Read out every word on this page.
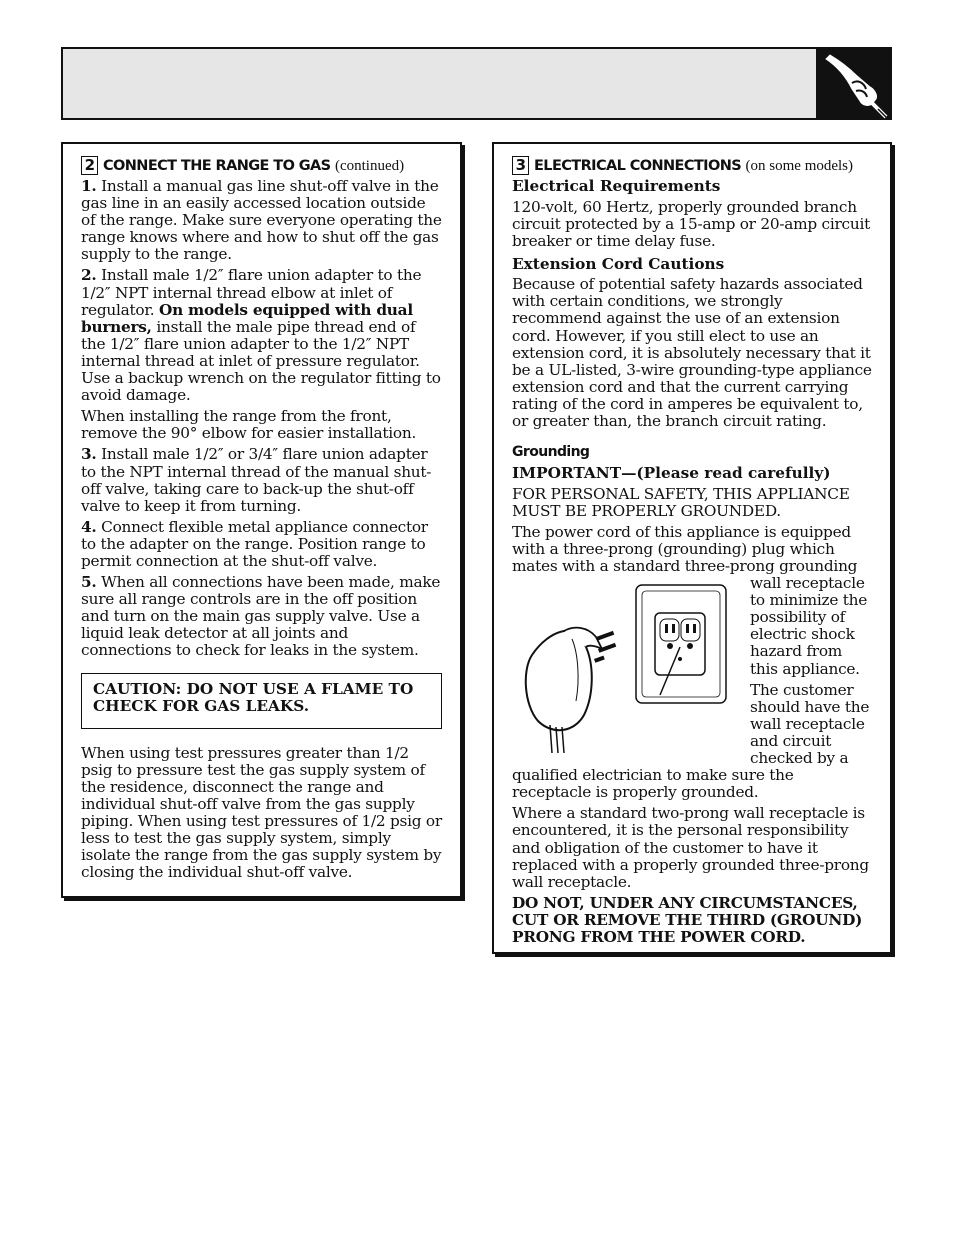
2 CONNECT THE RANGE TO GAS (continued)

1. Install a manual gas line shut-off valve in the gas line in an easily accessed location outside of the range. Make sure everyone operating the range knows where and how to shut off the gas supply to the range.

2. Install male 1/2″ flare union adapter to the 1/2″ NPT internal thread elbow at inlet of regulator. On models equipped with dual burners, install the male pipe thread end of the 1/2″ flare union adapter to the 1/2″ NPT internal thread at inlet of pressure regulator. Use a backup wrench on the regulator fitting to avoid damage.

When installing the range from the front, remove the 90° elbow for easier installation.

3. Install male 1/2″ or 3/4″ flare union adapter to the NPT internal thread of the manual shut-off valve, taking care to back-up the shut-off valve to keep it from turning.

4. Connect flexible metal appliance connector to the adapter on the range. Position range to permit connection at the shut-off valve.

5. When all connections have been made, make sure all range controls are in the off position and turn on the main gas supply valve. Use a liquid leak detector at all joints and connections to check for leaks in the system.

CAUTION: DO NOT USE A FLAME TO CHECK FOR GAS LEAKS.

When using test pressures greater than 1/2 psig to pressure test the gas supply system of the residence, disconnect the range and individual shut-off valve from the gas supply piping. When using test pressures of 1/2 psig or less to test the gas supply system, simply isolate the range from the gas supply system by closing the individual shut-off valve.

3 ELECTRICAL CONNECTIONS (on some models)
Electrical Requirements

120-volt, 60 Hertz, properly grounded branch circuit protected by a 15-amp or 20-amp circuit breaker or time delay fuse.

Extension Cord Cautions

Because of potential safety hazards associated with certain conditions, we strongly recommend against the use of an extension cord. However, if you still elect to use an extension cord, it is absolutely necessary that it be a UL-listed, 3-wire grounding-type appliance extension cord and that the current carrying rating of the cord in amperes be equivalent to, or greater than, the branch circuit rating.

Grounding
IMPORTANT—(Please read carefully)

FOR PERSONAL SAFETY, THIS APPLIANCE MUST BE PROPERLY GROUNDED.

The power cord of this appliance is equipped with a three-prong (grounding) plug which mates with a standard three-prong grounding

wall receptacle to minimize the possibility of electric shock hazard from this appliance.

The customer should have the wall receptacle and circuit checked by a

qualified electrician to make sure the receptacle is properly grounded.

Where a standard two-prong wall receptacle is encountered, it is the personal responsibility and obligation of the customer to have it replaced with a properly grounded three-prong wall receptacle.

DO NOT, UNDER ANY CIRCUMSTANCES, CUT OR REMOVE THE THIRD (GROUND) PRONG FROM THE POWER CORD.
